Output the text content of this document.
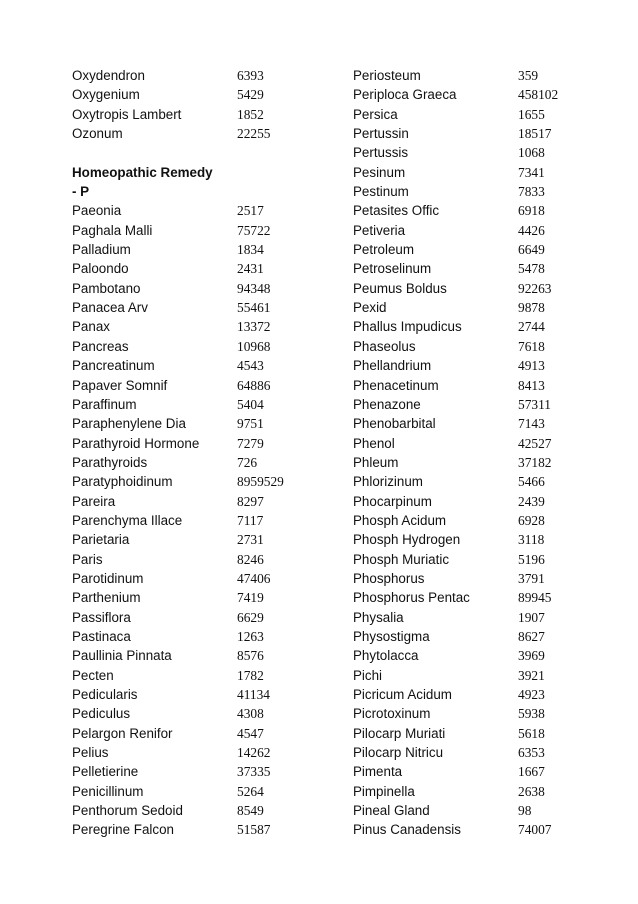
Oxydendron	6393
Oxygenium	5429
Oxytropis Lambert	1852
Ozonum	22255
Homeopathic Remedy
- P
Paeonia	2517
Paghala Malli	75722
Palladium	1834
Paloondo	2431
Pambotano	94348
Panacea Arv	55461
Panax	13372
Pancreas	10968
Pancreatinum	4543
Papaver Somnif	64886
Paraffinum	5404
Paraphenylene Dia	9751
Parathyroid Hormone	7279
Parathyroids	726
Paratyphoidinum	8959529
Pareira	8297
Parenchyma Illace	7117
Parietaria	2731
Paris	8246
Parotidinum	47406
Parthenium	7419
Passiflora	6629
Pastinaca	1263
Paullinia Pinnata	8576
Pecten	1782
Pedicularis	41134
Pediculus	4308
Pelargon Renifor	4547
Pelius	14262
Pelletierine	37335
Penicillinum	5264
Penthorum Sedoid	8549
Peregrine Falcon	51587
Periosteum	359
Periploca Graeca	458102
Persica	1655
Pertussin	18517
Pertussis	1068
Pesinum	7341
Pestinum	7833
Petasites Offic	6918
Petiveria	4426
Petroleum	6649
Petroselinum	5478
Peumus Boldus	92263
Pexid	9878
Phallus Impudicus	2744
Phaseolus	7618
Phellandrium	4913
Phenacetinum	8413
Phenazone	57311
Phenobarbital	7143
Phenol	42527
Phleum	37182
Phlorizinum	5466
Phocarpinum	2439
Phosph Acidum	6928
Phosph Hydrogen	3118
Phosph Muriatic	5196
Phosphorus	3791
Phosphorus Pentac	89945
Physalia	1907
Physostigma	8627
Phytolacca	3969
Pichi	3921
Picricum Acidum	4923
Picrotoxinum	5938
Pilocarp Muriati	5618
Pilocarp Nitricu	6353
Pimenta	1667
Pimpinella	2638
Pineal Gland	98
Pinus Canadensis	74007
